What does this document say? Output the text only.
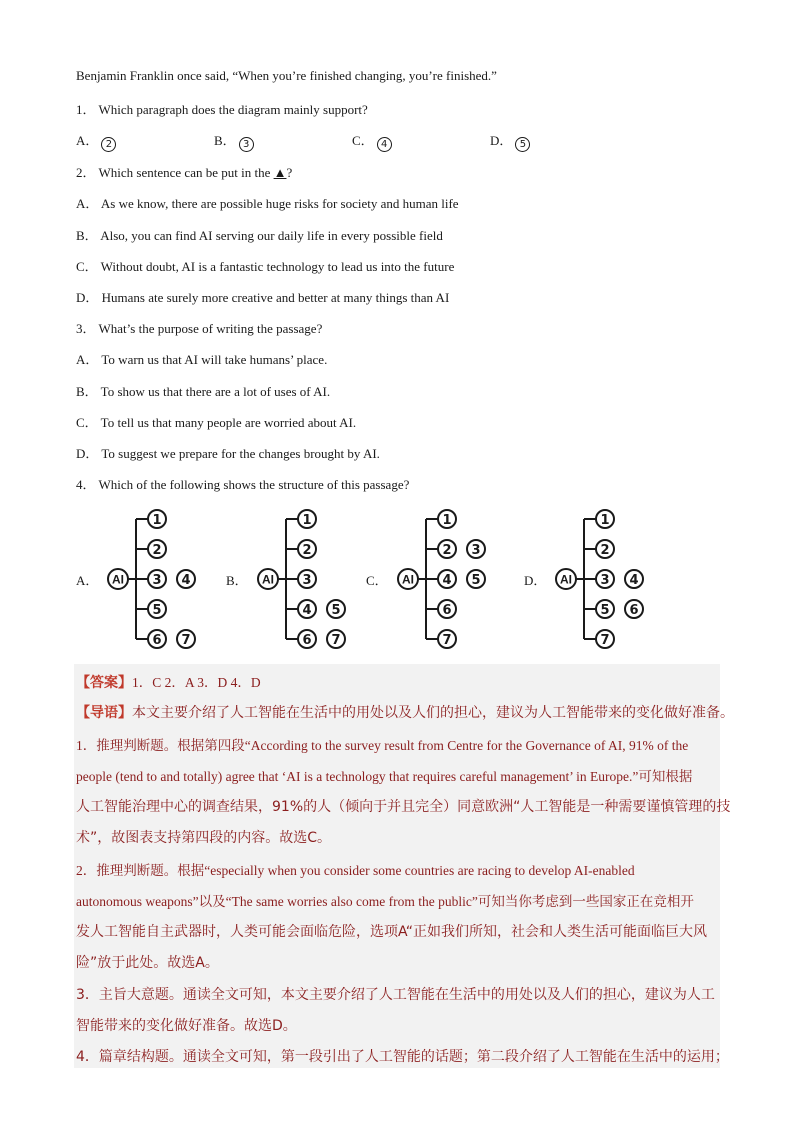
Benjamin Franklin once said, “When you’re finished changing, you’re finished.”
1． Which paragraph does the diagram mainly support?
A． 2	B． 3	C． 4	D． 5
2． Which sentence can be put in the ▲?
A． As we know, there are possible huge risks for society and human life
B． Also, you can find AI serving our daily life in every possible field
C． Without doubt, AI is a fantastic technology to lead us into the future
D． Humans ate surely more creative and better at many things than AI
3． What’s the purpose of writing the passage?
A． To warn us that AI will take humans’ place.
B． To show us that there are a lot of uses of AI.
C． To tell us that many people are worried about AI.
D． To suggest we prepare for the changes brought by AI.
4． Which of the following shows the structure of this passage?
A． AI
1
2
3 4
5
6 7
B． AI
1
2
3
4 5
6 7
C． AI
1
2 3
4 5
6
7
D． AI
1
2
3 4
5 6
7
【答案】1．C 2．A 3．D 4．D
【导语】本文主要介绍了人工智能在生活中的用处以及人们的担心，建议为人工智能带来的变化做好准备。
1．推理判断题。根据第四段“According to the survey result from Centre for the Governance of AI, 91% of the
people (tend to and totally) agree that ‘AI is a technology that requires careful management’ in Europe.”可知根据
人工智能治理中心的调查结果，91%的人（倾向于并且完全）同意欧洲“人工智能是一种需要谨慎管理的技
术”，故图表支持第四段的内容。故选C。
2．推理判断题。根据“especially when you consider some countries are racing to develop AI-enabled
autonomous weapons”以及“The same worries also come from the public”可知当你考虑到一些国家正在竞相开
发人工智能自主武器时，人类可能会面临危险，选项A“正如我们所知，社会和人类生活可能面临巨大风
险”放于此处。故选A。
3．主旨大意题。通读全文可知，本文主要介绍了人工智能在生活中的用处以及人们的担心，建议为人工
智能带来的变化做好准备。故选D。
4．篇章结构题。通读全文可知，第一段引出了人工智能的话题；第二段介绍了人工智能在生活中的运用；
